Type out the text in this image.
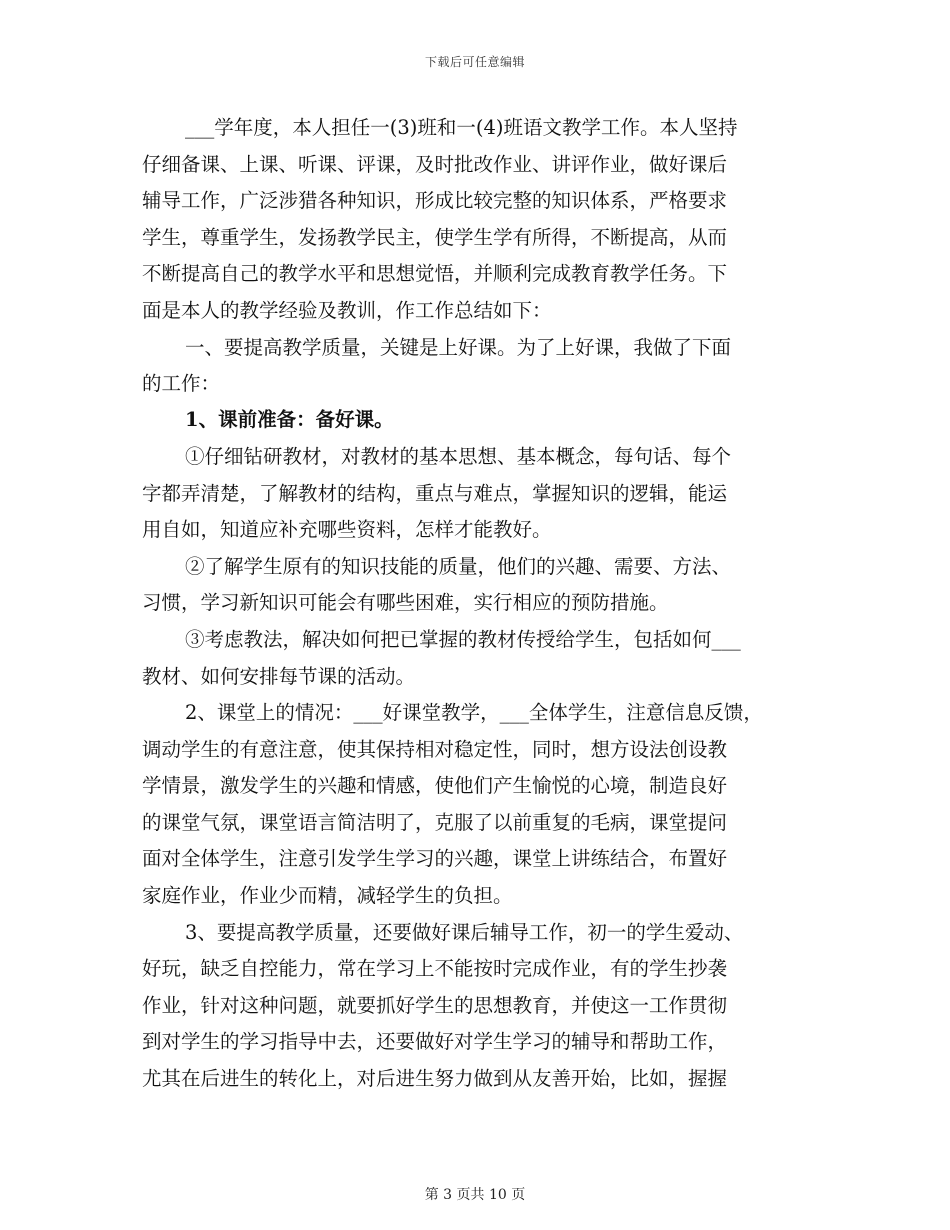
下载后可任意编辑
___学年度，本人担任一(3)班和一(4)班语文教学工作。本人坚持
仔细备课、上课、听课、评课，及时批改作业、讲评作业，做好课后
辅导工作，广泛涉猎各种知识，形成比较完整的知识体系，严格要求
学生，尊重学生，发扬教学民主，使学生学有所得，不断提高，从而
不断提高自己的教学水平和思想觉悟，并顺利完成教育教学任务。下
面是本人的教学经验及教训，作工作总结如下：
一、要提高教学质量，关键是上好课。为了上好课，我做了下面
的工作：
1、课前准备：备好课。
①仔细钻研教材，对教材的基本思想、基本概念，每句话、每个
字都弄清楚，了解教材的结构，重点与难点，掌握知识的逻辑，能运
用自如，知道应补充哪些资料，怎样才能教好。
②了解学生原有的知识技能的质量，他们的兴趣、需要、方法、
习惯，学习新知识可能会有哪些困难，实行相应的预防措施。
③考虑教法，解决如何把已掌握的教材传授给学生，包括如何___
教材、如何安排每节课的活动。
2、课堂上的情况：___好课堂教学，___全体学生，注意信息反馈，
调动学生的有意注意，使其保持相对稳定性，同时，想方设法创设教
学情景，激发学生的兴趣和情感，使他们产生愉悦的心境，制造良好
的课堂气氛，课堂语言简洁明了，克服了以前重复的毛病，课堂提问
面对全体学生，注意引发学生学习的兴趣，课堂上讲练结合，布置好
家庭作业，作业少而精，减轻学生的负担。
3、要提高教学质量，还要做好课后辅导工作，初一的学生爱动、
好玩，缺乏自控能力，常在学习上不能按时完成作业，有的学生抄袭
作业，针对这种问题，就要抓好学生的思想教育，并使这一工作贯彻
到对学生的学习指导中去，还要做好对学生学习的辅导和帮助工作，
尤其在后进生的转化上，对后进生努力做到从友善开始，比如，握握
第 3 页共 10 页
